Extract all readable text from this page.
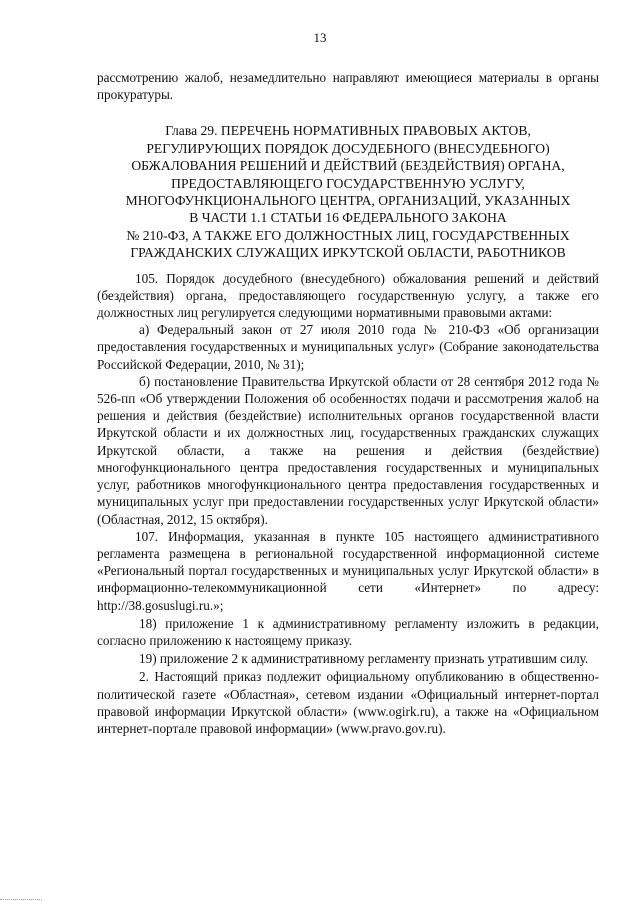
13

рассмотрению жалоб, незамедлительно направляют имеющиеся материалы в органы прокуратуры.

Глава 29. ПЕРЕЧЕНЬ НОРМАТИВНЫХ ПРАВОВЫХ АКТОВ,
РЕГУЛИРУЮЩИХ ПОРЯДОК ДОСУДЕБНОГО (ВНЕСУДЕБНОГО)
ОБЖАЛОВАНИЯ РЕШЕНИЙ И ДЕЙСТВИЙ (БЕЗДЕЙСТВИЯ) ОРГАНА,
ПРЕДОСТАВЛЯЮЩЕГО ГОСУДАРСТВЕННУЮ УСЛУГУ,
МНОГОФУНКЦИОНАЛЬНОГО ЦЕНТРА, ОРГАНИЗАЦИЙ, УКАЗАННЫХ
В ЧАСТИ 1.1 СТАТЬИ 16 ФЕДЕРАЛЬНОГО ЗАКОНА
№ 210-ФЗ, А ТАКЖЕ ЕГО ДОЛЖНОСТНЫХ ЛИЦ, ГОСУДАРСТВЕННЫХ
ГРАЖДАНСКИХ СЛУЖАЩИХ ИРКУТСКОЙ ОБЛАСТИ, РАБОТНИКОВ

105. Порядок досудебного (внесудебного) обжалования решений и действий (бездействия) органа, предоставляющего государственную услугу, а также его должностных лиц регулируется следующими нормативными правовыми актами:

а) Федеральный закон от 27 июля 2010 года № 210-ФЗ «Об организации предоставления государственных и муниципальных услуг» (Собрание законодательства Российской Федерации, 2010, № 31);

б) постановление Правительства Иркутской области от 28 сентября 2012 года № 526-пп «Об утверждении Положения об особенностях подачи и рассмотрения жалоб на решения и действия (бездействие) исполнительных органов государственной власти Иркутской области и их должностных лиц, государственных гражданских служащих Иркутской области, а также на решения и действия (бездействие) многофункционального центра предоставления государственных и муниципальных услуг, работников многофункционального центра предоставления государственных и муниципальных услуг при предоставлении государственных услуг Иркутской области» (Областная, 2012, 15 октября).

107. Информация, указанная в пункте 105 настоящего административного регламента размещена в региональной государственной информационной системе «Региональный портал государственных и муниципальных услуг Иркутской области» в информационно-телекоммуникационной сети «Интернет» по адресу: http://38.gosuslugi.ru.»;

18) приложение 1 к административному регламенту изложить в редакции, согласно приложению к настоящему приказу.

19) приложение 2 к административному регламенту признать утратившим силу.

2. Настоящий приказ подлежит официальному опубликованию в общественно-политической газете «Областная», сетевом издании «Официальный интернет-портал правовой информации Иркутской области» (www.ogirk.ru), а также на «Официальном интернет-портале правовой информации» (www.pravo.gov.ru).
